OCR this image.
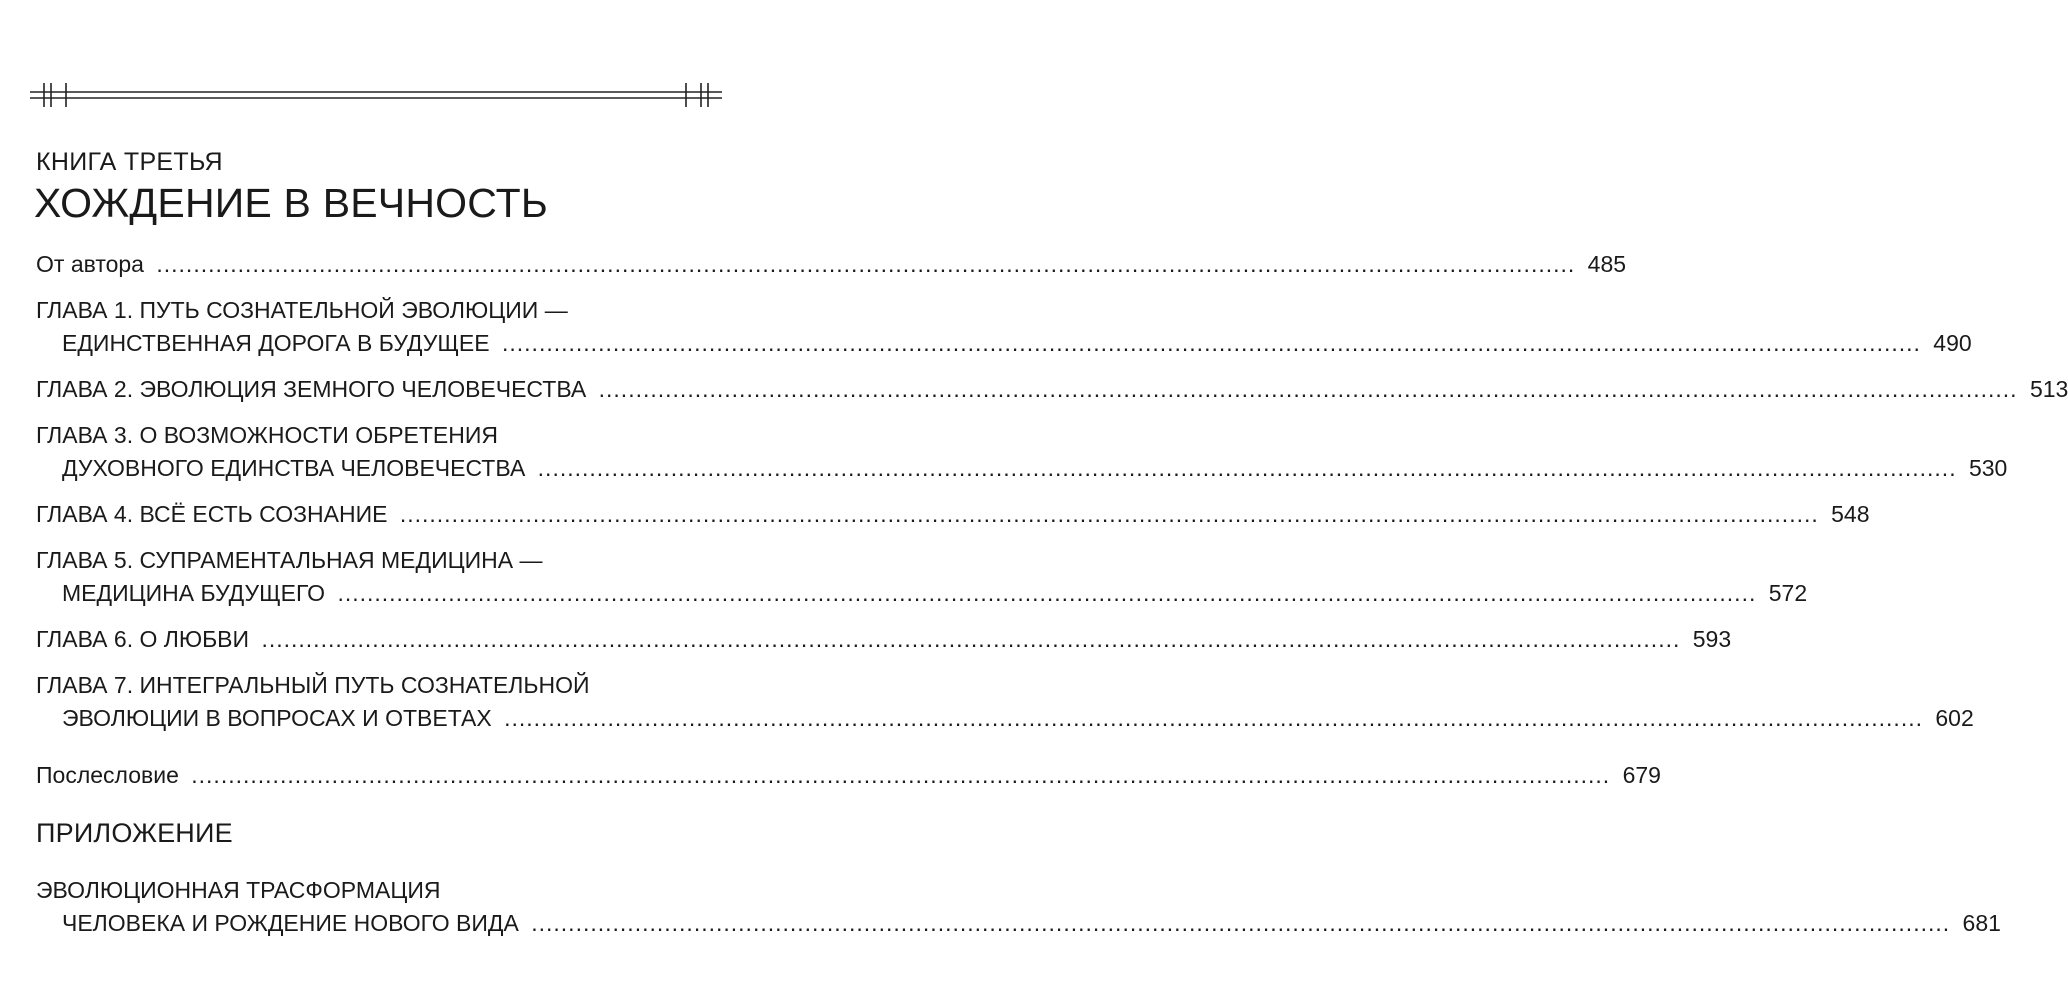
КНИГА ТРЕТЬЯ
ХОЖДЕНИЕ В ВЕЧНОСТЬ
От автора .....	485
ГЛАВА 1. ПУТЬ СОЗНАТЕЛЬНОЙ ЭВОЛЮЦИИ —
ЕДИНСТВЕННАЯ ДОРОГА В БУДУЩЕЕ .....	490
ГЛАВА 2. ЭВОЛЮЦИЯ ЗЕМНОГО ЧЕЛОВЕЧЕСТВА .....	513
ГЛАВА 3. О ВОЗМОЖНОСТИ ОБРЕТЕНИЯ
ДУХОВНОГО ЕДИНСТВА ЧЕЛОВЕЧЕСТВА .....	530
ГЛАВА 4. ВСЁ ЕСТЬ СОЗНАНИЕ .....	548
ГЛАВА 5. СУПРАМЕНТАЛЬНАЯ МЕДИЦИНА —
МЕДИЦИНА БУДУЩЕГО .....	572
ГЛАВА 6. О ЛЮБВИ .....	593
ГЛАВА 7. ИНТЕГРАЛЬНЫЙ ПУТЬ СОЗНАТЕЛЬНОЙ
ЭВОЛЮЦИИ В ВОПРОСАХ И ОТВЕТАХ .....	602
Послесловие .....	679
ПРИЛОЖЕНИЕ
ЭВОЛЮЦИОННАЯ ТРАСФОРМАЦИЯ
ЧЕЛОВЕКА И РОЖДЕНИЕ НОВОГО ВИДА .....	681
